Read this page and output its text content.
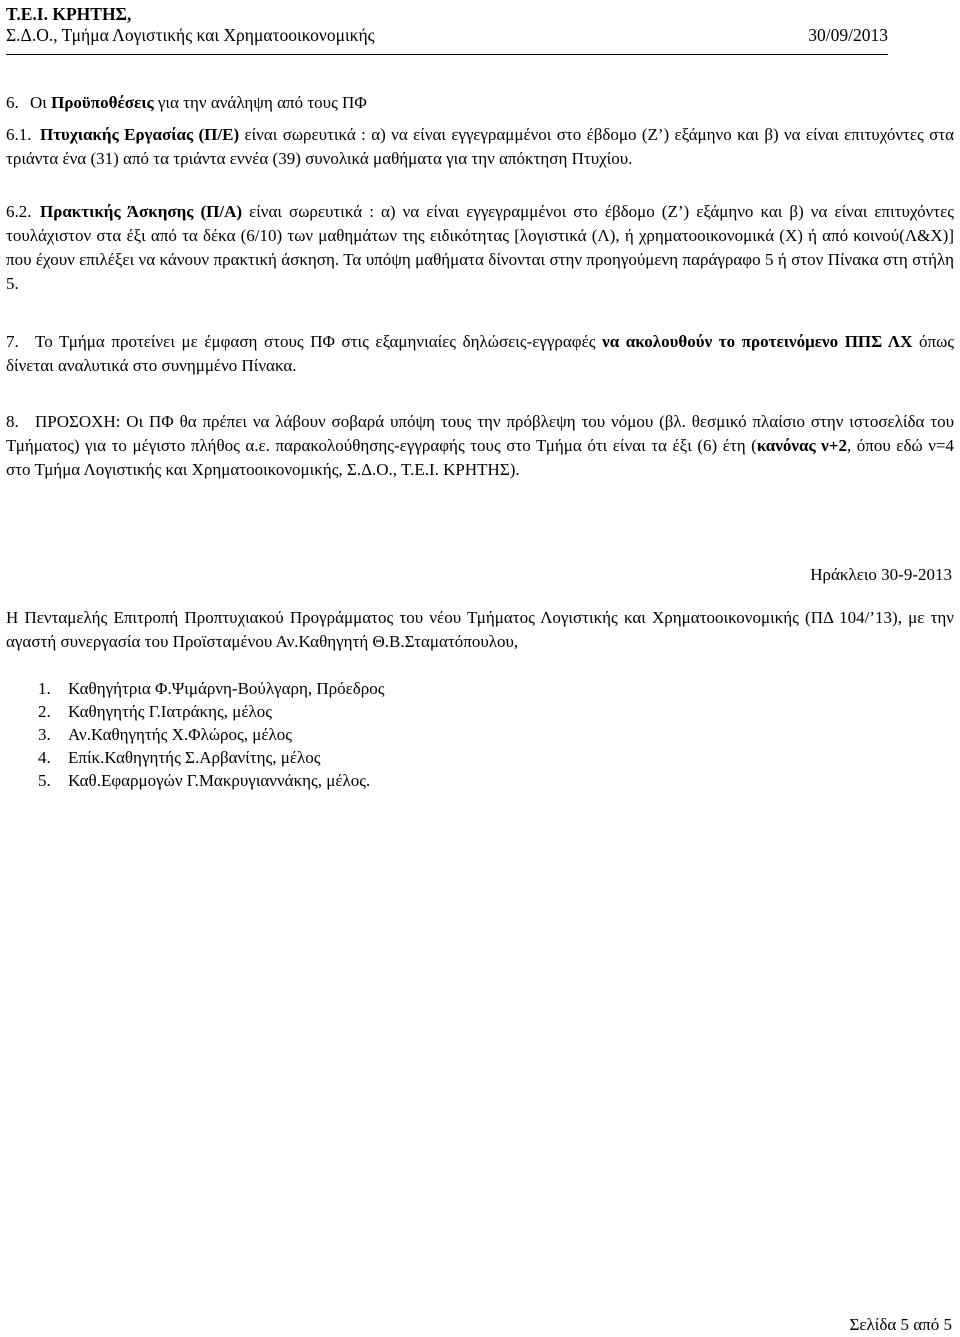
Τ.Ε.Ι. ΚΡΗΤΗΣ,
Σ.Δ.Ο., Τμήμα Λογιστικής και Χρηματοοικονομικής	30/09/2013
6. Οι Προϋποθέσεις για την ανάληψη από τους ΠΦ
6.1. Πτυχιακής Εργασίας (Π/Ε) είναι σωρευτικά : α) να είναι εγγεγραμμένοι στο έβδομο (Ζ’) εξάμηνο και β) να είναι επιτυχόντες στα τριάντα ένα (31) από τα τριάντα εννέα (39) συνολικά μαθήματα για την απόκτηση Πτυχίου.
6.2. Πρακτικής Άσκησης (Π/Α) είναι σωρευτικά : α) να είναι εγγεγραμμένοι στο έβδομο (Ζ’) εξάμηνο και β) να είναι επιτυχόντες τουλάχιστον στα έξι από τα δέκα (6/10) των μαθημάτων της ειδικότητας [λογιστικά (Λ), ή χρηματοοικονομικά (Χ) ή από κοινού(Λ&Χ)] που έχουν επιλέξει να κάνουν πρακτική άσκηση. Τα υπόψη μαθήματα δίνονται στην προηγούμενη παράγραφο 5 ή στον Πίνακα στη στήλη 5.
7. Το Τμήμα προτείνει με έμφαση στους ΠΦ στις εξαμηνιαίες δηλώσεις-εγγραφές να ακολουθούν το προτεινόμενο ΠΠΣ ΛΧ όπως δίνεται αναλυτικά στο συνημμένο Πίνακα.
8. ΠΡΟΣΟΧΗ: Οι ΠΦ θα πρέπει να λάβουν σοβαρά υπόψη τους την πρόβλεψη του νόμου (βλ. θεσμικό πλαίσιο στην ιστοσελίδα του Τμήματος) για το μέγιστο πλήθος α.ε. παρακολούθησης-εγγραφής τους στο Τμήμα ότι είναι τα έξι (6) έτη (κανόνας ν+2, όπου εδώ ν=4 στο Τμήμα Λογιστικής και Χρηματοοικονομικής, Σ.Δ.Ο., Τ.Ε.Ι. ΚΡΗΤΗΣ).
Ηράκλειο 30-9-2013
Η Πενταμελής Επιτροπή Προπτυχιακού Προγράμματος του νέου Τμήματος Λογιστικής και Χρηματοοικονομικής (ΠΔ 104/’13), με την αγαστή συνεργασία του Προϊσταμένου Αν.Καθηγητή Θ.Β.Σταματόπουλου,
1. Καθηγήτρια Φ.Ψιμάρνη-Βούλγαρη, Πρόεδρος
2. Καθηγητής Γ.Ιατράκης, μέλος
3. Αν.Καθηγητής Χ.Φλώρος, μέλος
4. Επίκ.Καθηγητής Σ.Αρβανίτης, μέλος
5. Καθ.Εφαρμογών Γ.Μακρυγιαννάκης, μέλος.
Σελίδα 5 από 5
